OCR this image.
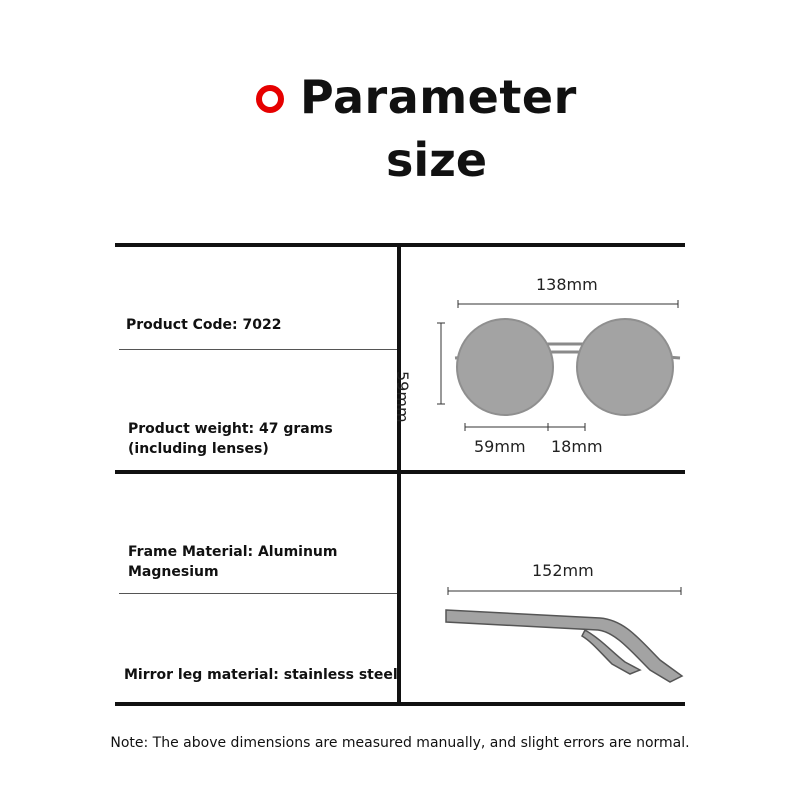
Parameter
size
Product Code: 7022
Product weight: 47 grams
(including lenses)
Frame Material: Aluminum
Magnesium
Mirror leg material: stainless steel
138mm
59mm
59mm 18mm
152mm
Note: The above dimensions are measured manually, and slight errors are normal.
